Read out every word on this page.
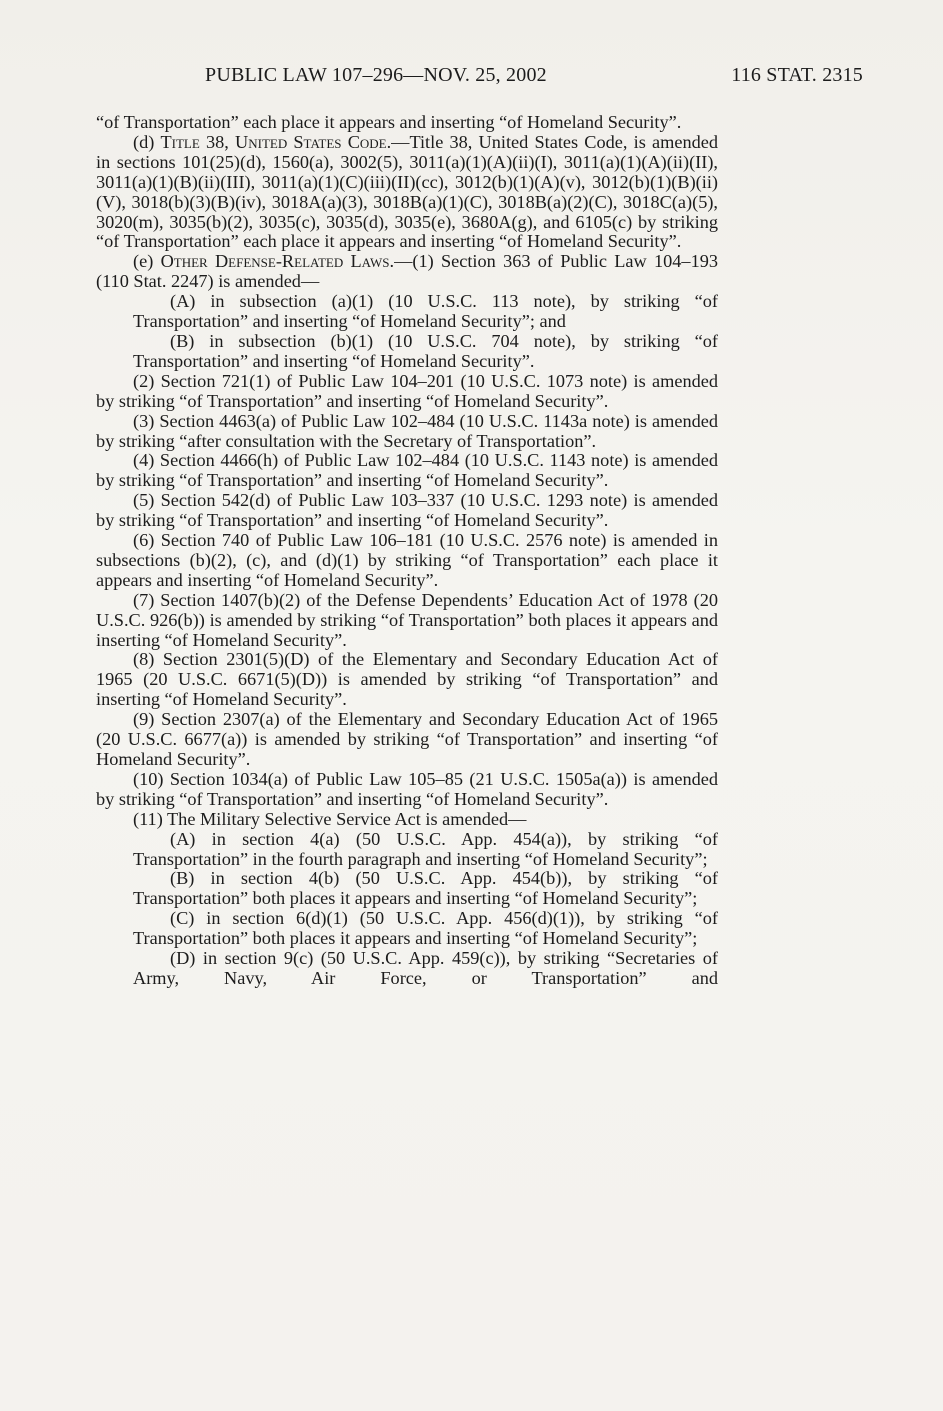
PUBLIC LAW 107–296—NOV. 25, 2002	116 STAT. 2315

“of Transportation” each place it appears and inserting “of Homeland Security”.

(d) Title 38, United States Code.—Title 38, United States Code, is amended in sections 101(25)(d), 1560(a), 3002(5), 3011(a)(1)(A)(ii)(I), 3011(a)(1)(A)(ii)(II), 3011(a)(1)(B)(ii)(III), 3011(a)(1)(C)(iii)(II)(cc), 3012(b)(1)(A)(v), 3012(b)(1)(B)(ii)(V), 3018(b)(3)(B)(iv), 3018A(a)(3), 3018B(a)(1)(C), 3018B(a)(2)(C), 3018C(a)(5), 3020(m), 3035(b)(2), 3035(c), 3035(d), 3035(e), 3680A(g), and 6105(c) by striking “of Transportation” each place it appears and inserting “of Homeland Security”.

(e) Other Defense-Related Laws.—(1) Section 363 of Public Law 104–193 (110 Stat. 2247) is amended—

(A) in subsection (a)(1) (10 U.S.C. 113 note), by striking “of Transportation” and inserting “of Homeland Security”; and

(B) in subsection (b)(1) (10 U.S.C. 704 note), by striking “of Transportation” and inserting “of Homeland Security”.

(2) Section 721(1) of Public Law 104–201 (10 U.S.C. 1073 note) is amended by striking “of Transportation” and inserting “of Homeland Security”.

(3) Section 4463(a) of Public Law 102–484 (10 U.S.C. 1143a note) is amended by striking “after consultation with the Secretary of Transportation”.

(4) Section 4466(h) of Public Law 102–484 (10 U.S.C. 1143 note) is amended by striking “of Transportation” and inserting “of Homeland Security”.

(5) Section 542(d) of Public Law 103–337 (10 U.S.C. 1293 note) is amended by striking “of Transportation” and inserting “of Homeland Security”.

(6) Section 740 of Public Law 106–181 (10 U.S.C. 2576 note) is amended in subsections (b)(2), (c), and (d)(1) by striking “of Transportation” each place it appears and inserting “of Homeland Security”.

(7) Section 1407(b)(2) of the Defense Dependents’ Education Act of 1978 (20 U.S.C. 926(b)) is amended by striking “of Transportation” both places it appears and inserting “of Homeland Security”.

(8) Section 2301(5)(D) of the Elementary and Secondary Education Act of 1965 (20 U.S.C. 6671(5)(D)) is amended by striking “of Transportation” and inserting “of Homeland Security”.

(9) Section 2307(a) of the Elementary and Secondary Education Act of 1965 (20 U.S.C. 6677(a)) is amended by striking “of Transportation” and inserting “of Homeland Security”.

(10) Section 1034(a) of Public Law 105–85 (21 U.S.C. 1505a(a)) is amended by striking “of Transportation” and inserting “of Homeland Security”.

(11) The Military Selective Service Act is amended—

(A) in section 4(a) (50 U.S.C. App. 454(a)), by striking “of Transportation” in the fourth paragraph and inserting “of Homeland Security”;

(B) in section 4(b) (50 U.S.C. App. 454(b)), by striking “of Transportation” both places it appears and inserting “of Homeland Security”;

(C) in section 6(d)(1) (50 U.S.C. App. 456(d)(1)), by striking “of Transportation” both places it appears and inserting “of Homeland Security”;

(D) in section 9(c) (50 U.S.C. App. 459(c)), by striking “Secretaries of Army, Navy, Air Force, or Transportation” and
